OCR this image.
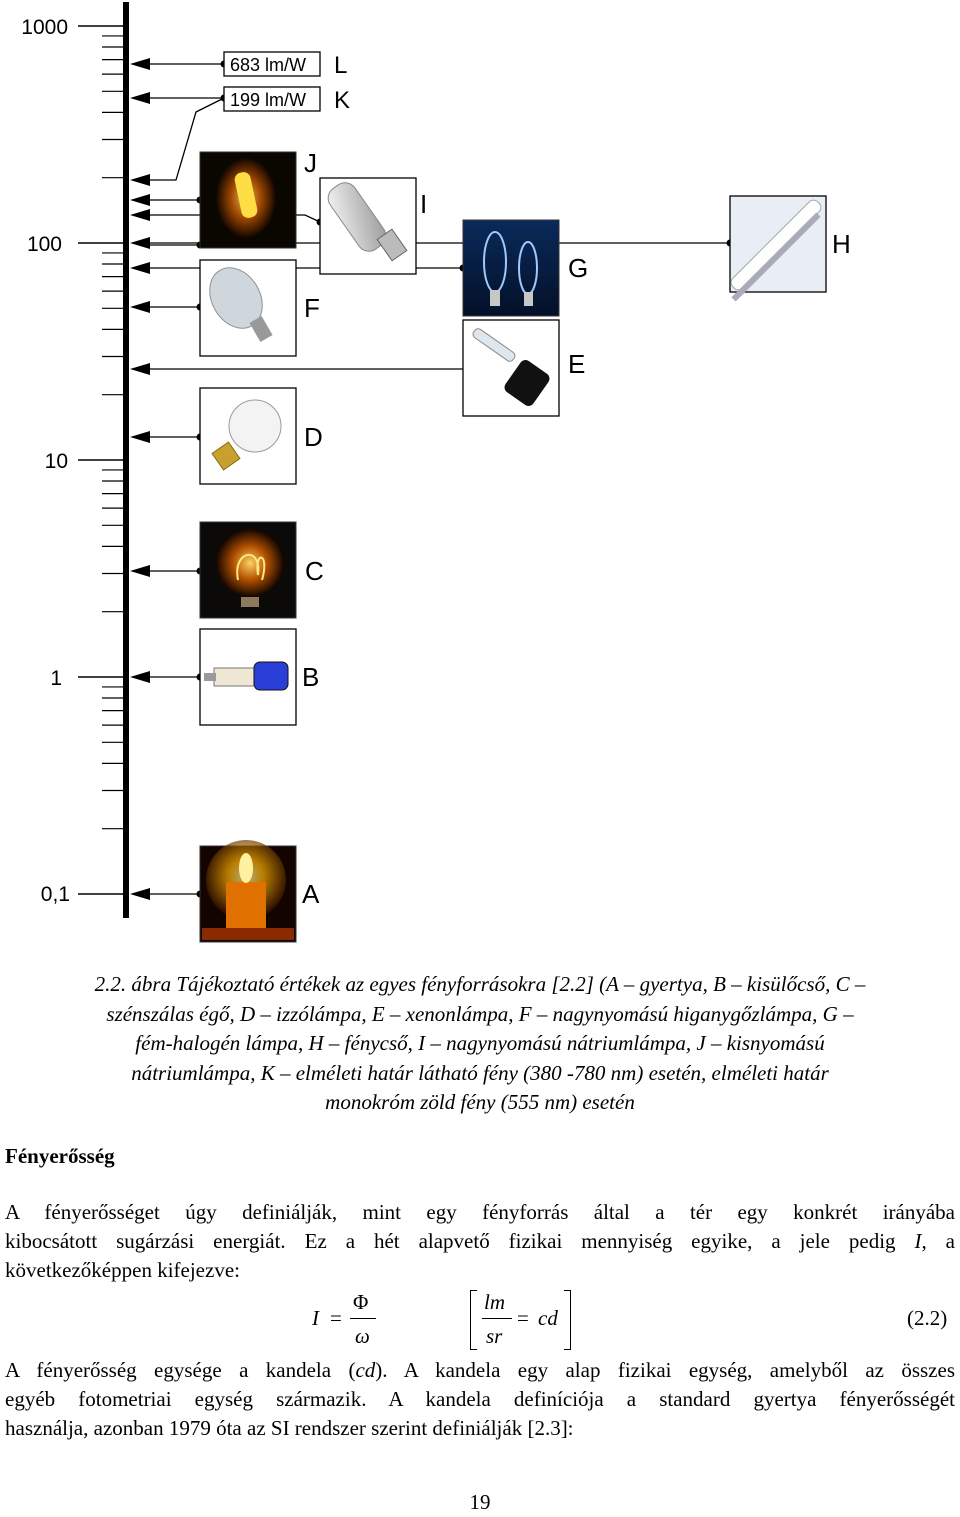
1000
100
10
1
0,1
683 lm/W L
199 lm/W K
J
I
G
H
F
E
D
C
B
A
2.2. ábra Tájékoztató értékek az egyes fényforrásokra [2.2] (A – gyertya, B – kisülőcső, C –
szénszálas égő, D – izzólámpa, E – xenonlámpa, F – nagynyomású higanygőzlámpa, G –
fém-halogén lámpa, H – fénycső, I – nagynyomású nátriumlámpa, J – kisnyomású
nátriumlámpa, K – elméleti határ látható fény (380 -780 nm) esetén, elméleti határ
monokróm zöld fény (555 nm) esetén
Fényerősség
A fényerősséget úgy definiálják, mint egy fényforrás által a tér egy konkrét irányába
kibocsátott sugárzási energiát. Ez a hét alapvető fizikai mennyiség egyike, a jele pedig I, a
következőképpen kifejezve:
I =
Φ
ω
lm
sr
= cd	(2.2)
A fényerősség egysége a kandela (cd). A kandela egy alap fizikai egység, amelyből az összes
egyéb fotometriai egység származik. A kandela definíciója a standard gyertya fényerősségét
használja, azonban 1979 óta az SI rendszer szerint definiálják [2.3]:
19
